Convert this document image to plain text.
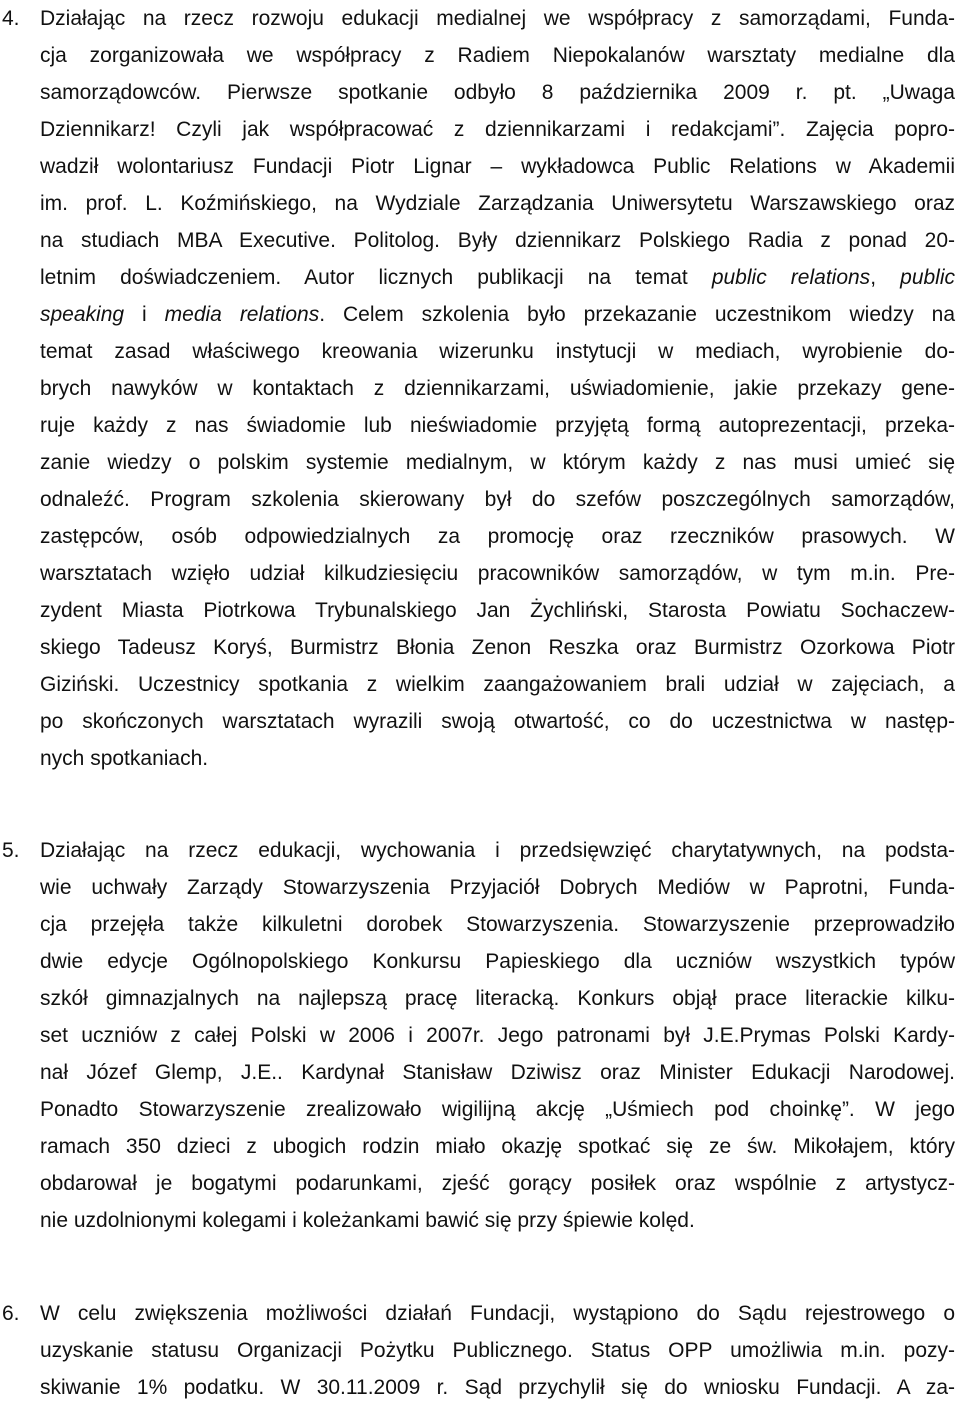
4. Działając na rzecz rozwoju edukacji medialnej we współpracy z samorządami, Funda-
cja zorganizowała we współpracy z Radiem Niepokalanów warsztaty medialne dla
samorządowców. Pierwsze spotkanie odbyło 8 października 2009 r. pt. „Uwaga
Dziennikarz! Czyli jak współpracować z dziennikarzami i redakcjami”. Zajęcia popro-
wadził wolontariusz Fundacji Piotr Lignar – wykładowca Public Relations w Akademii
im. prof. L. Koźmińskiego, na Wydziale Zarządzania Uniwersytetu Warszawskiego oraz
na studiach MBA Executive. Politolog. Były dziennikarz Polskiego Radia z ponad 20-
letnim doświadczeniem. Autor licznych publikacji na temat public relations, public
speaking i media relations. Celem szkolenia było przekazanie uczestnikom wiedzy na
temat zasad właściwego kreowania wizerunku instytucji w mediach, wyrobienie do-
brych nawyków w kontaktach z dziennikarzami, uświadomienie, jakie przekazy gene-
ruje każdy z nas świadomie lub nieświadomie przyjętą formą autoprezentacji, przeka-
zanie wiedzy o polskim systemie medialnym, w którym każdy z nas musi umieć się
odnaleźć. Program szkolenia skierowany był do szefów poszczególnych samorządów,
zastępców, osób odpowiedzialnych za promocję oraz rzeczników prasowych. W
warsztatach wzięło udział kilkudziesięciu pracowników samorządów, w tym m.in. Pre-
zydent Miasta Piotrkowa Trybunalskiego Jan Żychliński, Starosta Powiatu Sochaczew-
skiego Tadeusz Koryś, Burmistrz Błonia Zenon Reszka oraz Burmistrz Ozorkowa Piotr
Giziński. Uczestnicy spotkania z wielkim zaangażowaniem brali udział w zajęciach, a
po skończonych warsztatach wyrazili swoją otwartość, co do uczestnictwa w następ-
nych spotkaniach.
5. Działając na rzecz edukacji, wychowania i przedsięwzięć charytatywnych, na podsta-
wie uchwały Zarządy Stowarzyszenia Przyjaciół Dobrych Mediów w Paprotni, Funda-
cja przejęła także kilkuletni dorobek Stowarzyszenia. Stowarzyszenie przeprowadziło
dwie edycje Ogólnopolskiego Konkursu Papieskiego dla uczniów wszystkich typów
szkół gimnazjalnych na najlepszą pracę literacką. Konkurs objął prace literackie kilku-
set uczniów z całej Polski w 2006 i 2007r. Jego patronami był J.E.Prymas Polski Kardy-
nał Józef Glemp, J.E.. Kardynał Stanisław Dziwisz oraz Minister Edukacji Narodowej.
Ponadto Stowarzyszenie zrealizowało wigilijną akcję „Uśmiech pod choinkę”. W jego
ramach 350 dzieci z ubogich rodzin miało okazję spotkać się ze św. Mikołajem, który
obdarował je bogatymi podarunkami, zjeść gorący posiłek oraz wspólnie z artystycz-
nie uzdolnionymi kolegami i koleżankami bawić się przy śpiewie kolęd.
6. W celu zwiększenia możliwości działań Fundacji, wystąpiono do Sądu rejestrowego o
uzyskanie statusu Organizacji Pożytku Publicznego. Status OPP umożliwia m.in. pozy-
skiwanie 1% podatku. W 30.11.2009 r. Sąd przychylił się do wniosku Fundacji. A za-
